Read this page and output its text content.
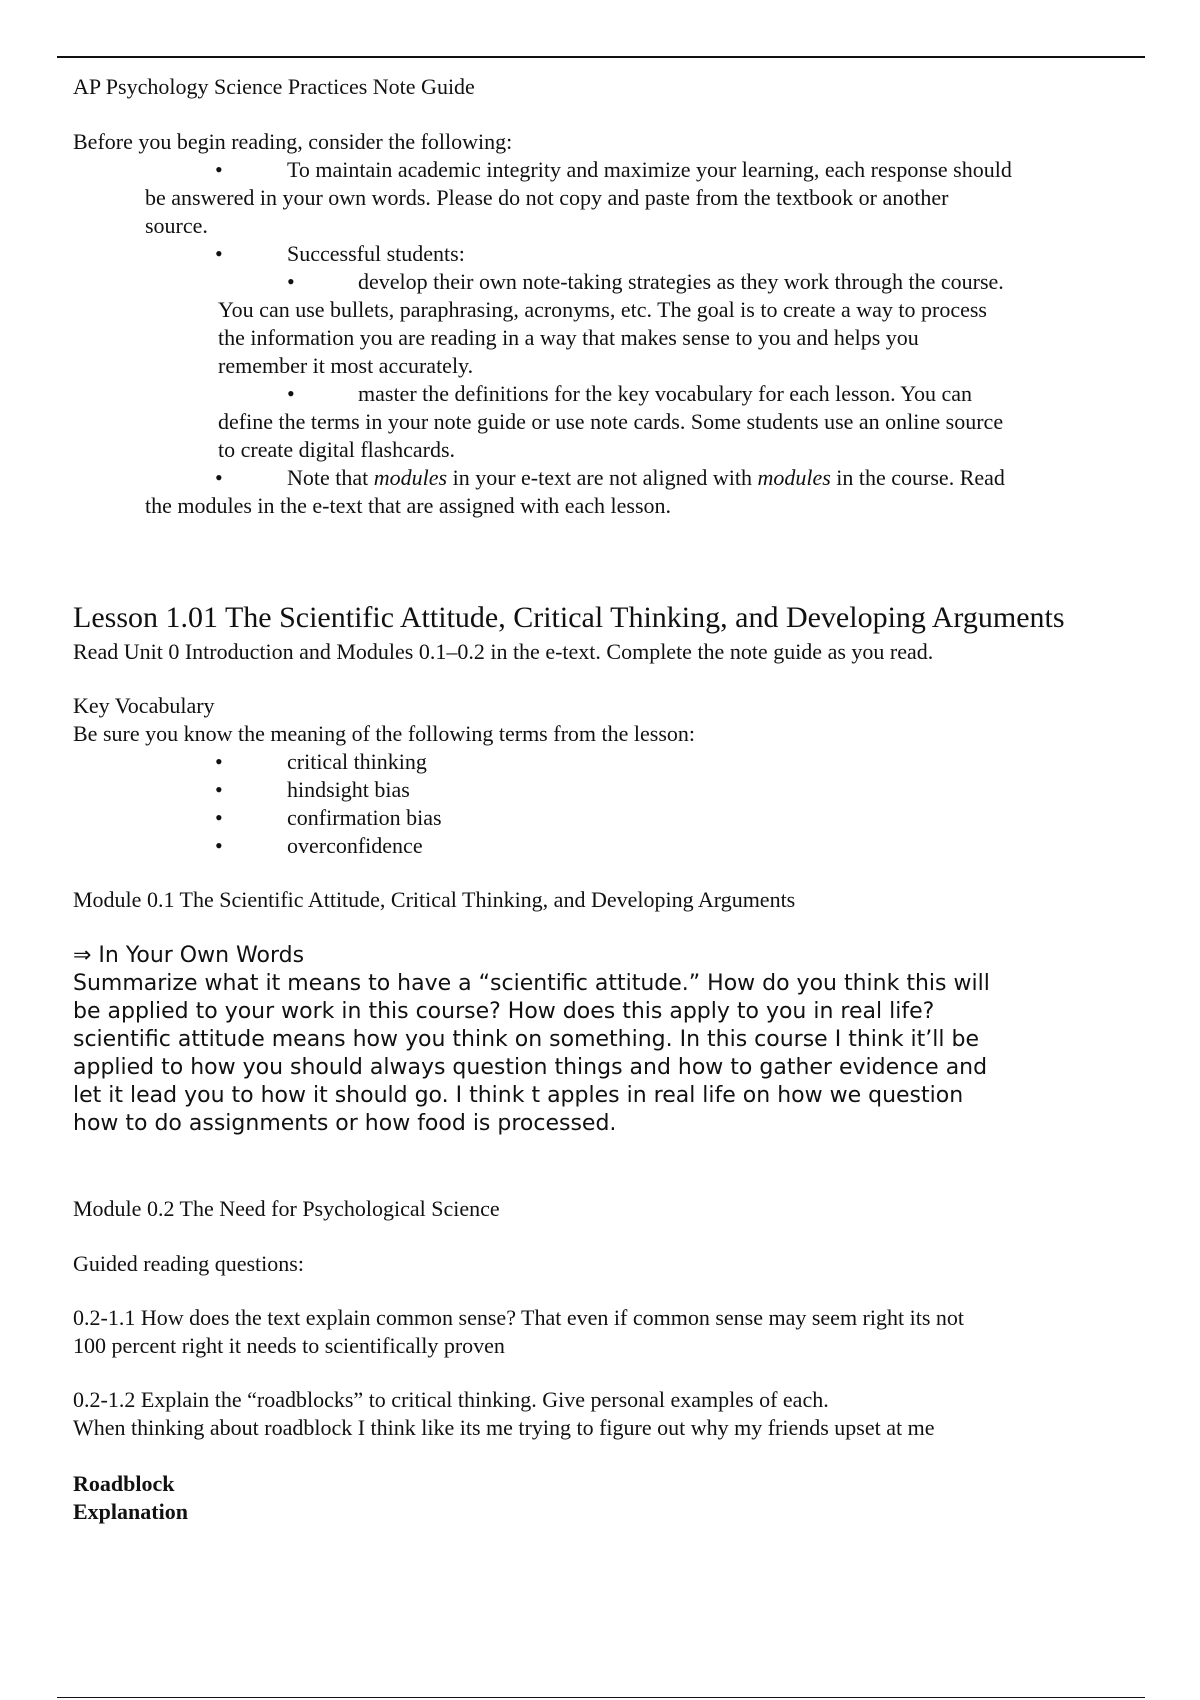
AP Psychology Science Practices Note Guide

Before you begin reading, consider the following:

•	To maintain academic integrity and maximize your learning, each response should
be answered in your own words. Please do not copy and paste from the textbook or another
source.
•	Successful students:
•	develop their own note-taking strategies as they work through the course.
You can use bullets, paraphrasing, acronyms, etc. The goal is to create a way to process
the information you are reading in a way that makes sense to you and helps you
remember it most accurately.
•	master the definitions for the key vocabulary for each lesson. You can
define the terms in your note guide or use note cards. Some students use an online source
to create digital flashcards.
•	Note that modules in your e-text are not aligned with modules in the course. Read
the modules in the e-text that are assigned with each lesson.
Lesson 1.01 The Scientific Attitude, Critical Thinking, and Developing Arguments

Read Unit 0 Introduction and Modules 0.1–0.2 in the e-text. Complete the note guide as you read.

Key Vocabulary

Be sure you know the meaning of the following terms from the lesson:

•	critical thinking
•	hindsight bias
•	confirmation bias
•	overconfidence

Module 0.1 The Scientific Attitude, Critical Thinking, and Developing Arguments

⇒ In Your Own Words

Summarize what it means to have a “scientific attitude.” How do you think this will

be applied to your work in this course? How does this apply to you in real life?

scientific attitude means how you think on something. In this course I think it’ll be

applied to how you should always question things and how to gather evidence and

let it lead you to how it should go. I think t apples in real life on how we question

how to do assignments or how food is processed.

Module 0.2 The Need for Psychological Science

Guided reading questions:

0.2-1.1 How does the text explain common sense? That even if common sense may seem right its not

100 percent right it needs to scientifically proven

0.2-1.2 Explain the “roadblocks” to critical thinking. Give personal examples of each.

When thinking about roadblock I think like its me trying to figure out why my friends upset at me

Roadblock

Explanation
